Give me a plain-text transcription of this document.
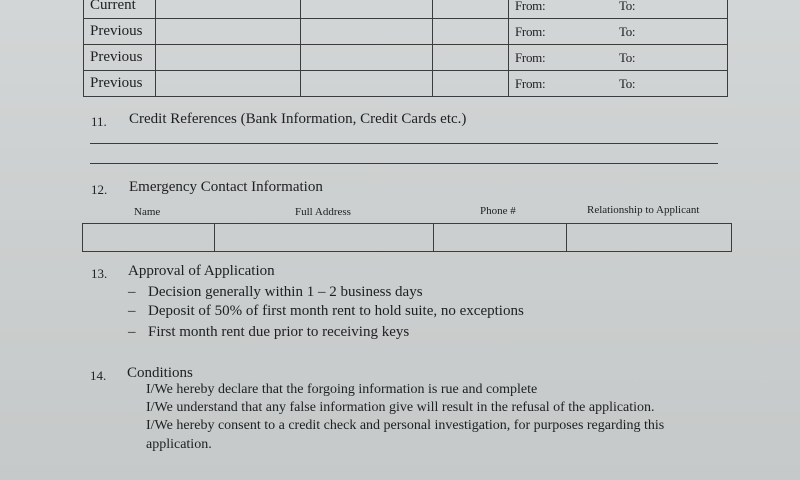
Current				From: To:

Previous				From: To:

Previous				From: To:

Previous				From: To:
11. Credit References (Bank Information, Credit Cards etc.)
12. Emergency Contact Information
Name	Full Address	Phone #	Relationship to Applicant

13. Approval of Application
– Decision generally within 1 – 2 business days
– Deposit of 50% of first month rent to hold suite, no exceptions
– First month rent due prior to receiving keys
14. Conditions
I/We hereby declare that the forgoing information is rue and complete
I/We understand that any false information give will result in the refusal of the application.
I/We hereby consent to a credit check and personal investigation, for purposes regarding this
application.
